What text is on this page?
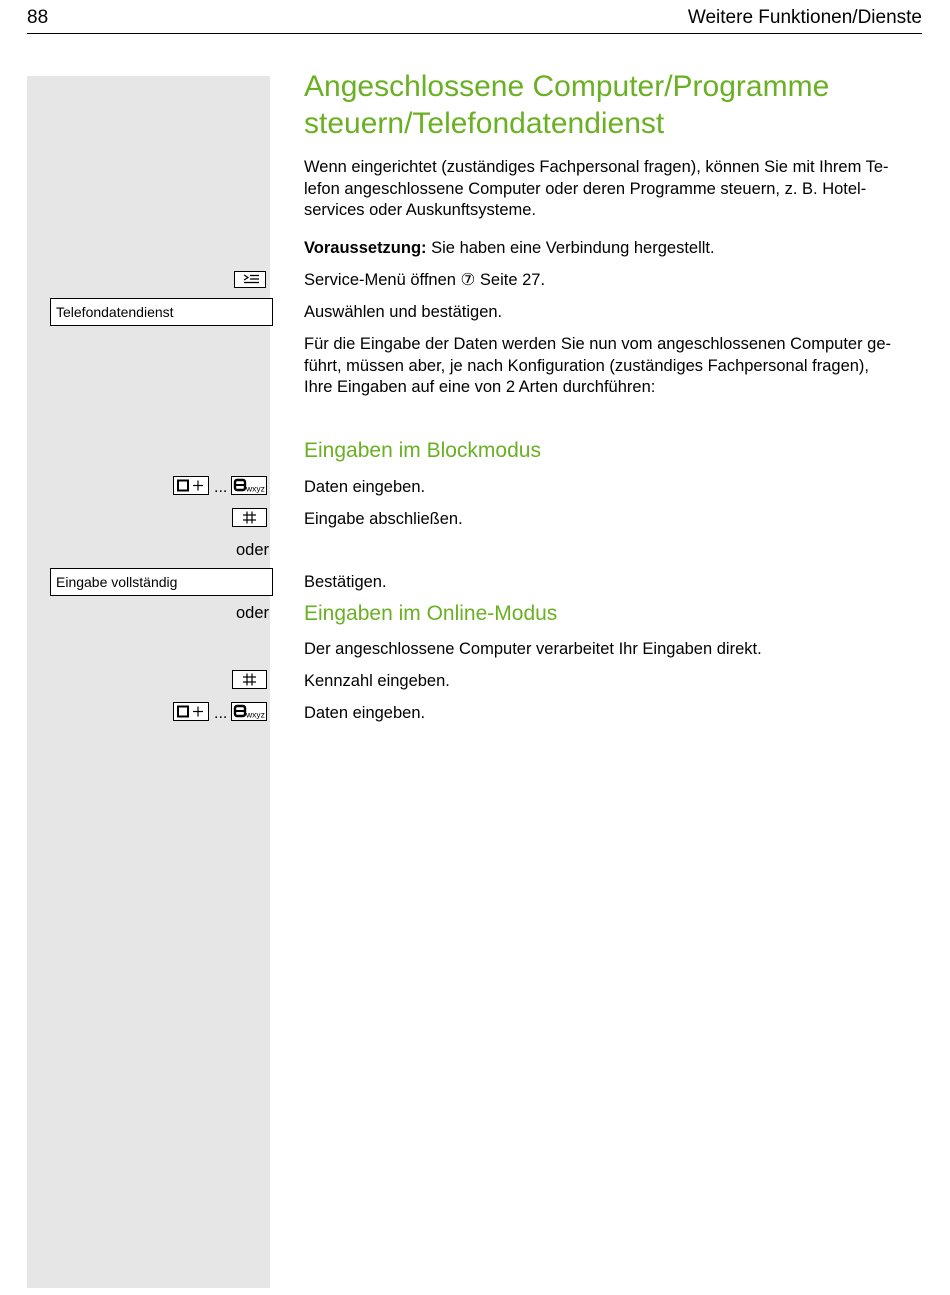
88	Weitere Funktionen/Dienste
Angeschlossene Computer/Programme
steuern/Telefondatendienst
Wenn eingerichtet (zuständiges Fachpersonal fragen), können Sie mit Ihrem Te-
lefon angeschlossene Computer oder deren Programme steuern, z. B. Hotel-
services oder Auskunftsysteme.
Voraussetzung: Sie haben eine Verbindung hergestellt.
Service-Menü öffnen ⑦ Seite 27.
Telefondatendienst	Auswählen und bestätigen.
Für die Eingabe der Daten werden Sie nun vom angeschlossenen Computer ge-
führt, müssen aber, je nach Konfiguration (zuständiges Fachpersonal fragen),
Ihre Eingaben auf eine von 2 Arten durchführen:
Eingaben im Blockmodus
... wxyz Daten eingeben.
Eingabe abschließen.
oder
Eingabe vollständig	Bestätigen.
oder Eingaben im Online-Modus
Der angeschlossene Computer verarbeitet Ihr Eingaben direkt.
Kennzahl eingeben.
... wxyz Daten eingeben.
